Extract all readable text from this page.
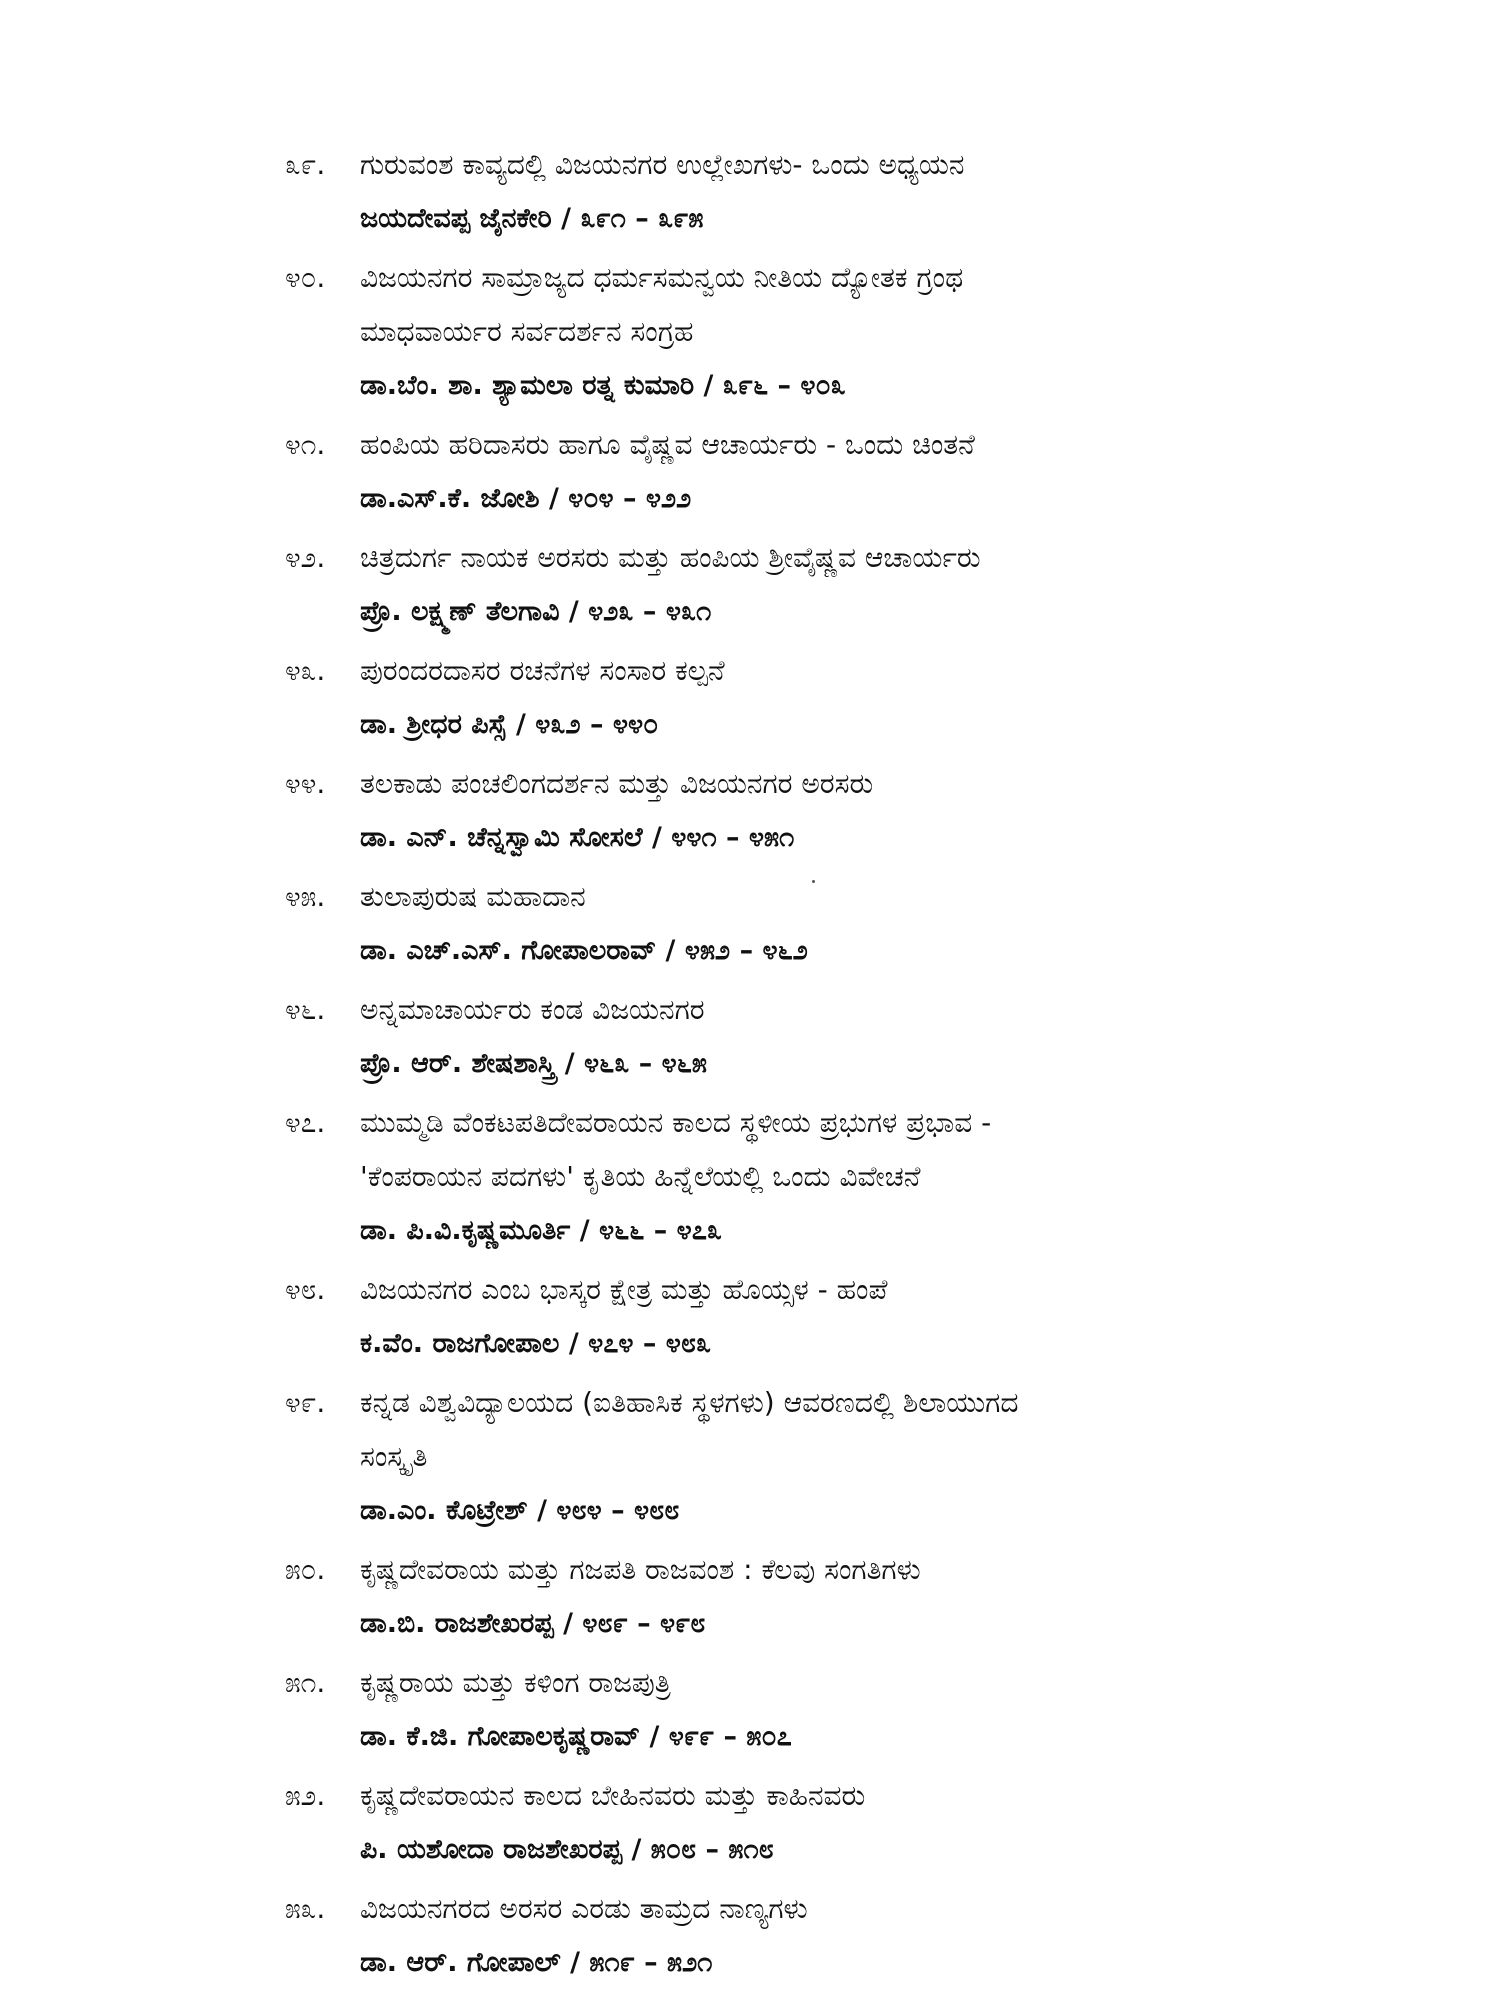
೩೯.	ಗುರುವಂಶ ಕಾವ್ಯದಲ್ಲಿ ವಿಜಯನಗರ ಉಲ್ಲೇಖಗಳು- ಒಂದು ಅಧ್ಯಯನ
ಜಯದೇವಪ್ಪ ಜೈನಕೇರಿ / ೩೯೧ – ೩೯೫
೪೦.	ವಿಜಯನಗರ ಸಾಮ್ರಾಜ್ಯದ ಧರ್ಮಸಮನ್ವಯ ನೀತಿಯ ದ್ಯೋತಕ ಗ್ರಂಥ
ಮಾಧವಾರ್ಯರ ಸರ್ವದರ್ಶನ ಸಂಗ್ರಹ
ಡಾ.ಬೆಂ. ಶಾ. ಶ್ಯಾಮಲಾ ರತ್ನ ಕುಮಾರಿ / ೩೯೬ – ೪೦೩
೪೧.	ಹಂಪಿಯ ಹರಿದಾಸರು ಹಾಗೂ ವೈಷ್ಣವ ಆಚಾರ್ಯರು - ಒಂದು ಚಿಂತನೆ
ಡಾ.ಎಸ್.ಕೆ. ಜೋಶಿ / ೪೦೪ – ೪೨೨
೪೨.	ಚಿತ್ರದುರ್ಗ ನಾಯಕ ಅರಸರು ಮತ್ತು ಹಂಪಿಯ ಶ್ರೀವೈಷ್ಣವ ಆಚಾರ್ಯರು
ಪ್ರೊ. ಲಕ್ಷ್ಮಣ್ ತೆಲಗಾವಿ / ೪೨೩ – ೪೩೧
೪೩.	ಪುರಂದರದಾಸರ ರಚನೆಗಳ ಸಂಸಾರ ಕಲ್ಪನೆ
ಡಾ. ಶ್ರೀಧರ ಪಿಸ್ಸೆ / ೪೩೨ – ೪೪೦
೪೪.	ತಲಕಾಡು ಪಂಚಲಿಂಗದರ್ಶನ ಮತ್ತು ವಿಜಯನಗರ ಅರಸರು
ಡಾ. ಎನ್. ಚೆನ್ನಸ್ವಾಮಿ ಸೋಸಲೆ / ೪೪೧ – ೪೫೧
೪೫.	ತುಲಾಪುರುಷ ಮಹಾದಾನ
ಡಾ. ಎಚ್.ಎಸ್. ಗೋಪಾಲರಾವ್ / ೪೫೨ – ೪೬೨
೪೬.	ಅನ್ನಮಾಚಾರ್ಯರು ಕಂಡ ವಿಜಯನಗರ
ಪ್ರೊ. ಆರ್. ಶೇಷಶಾಸ್ತ್ರಿ / ೪೬೩ – ೪೬೫
೪೭.	ಮುಮ್ಮಡಿ ವೆಂಕಟಪತಿದೇವರಾಯನ ಕಾಲದ ಸ್ಥಳೀಯ ಪ್ರಭುಗಳ ಪ್ರಭಾವ -
'ಕೆಂಪರಾಯನ ಪದಗಳು' ಕೃತಿಯ ಹಿನ್ನೆಲೆಯಲ್ಲಿ ಒಂದು ವಿವೇಚನೆ
ಡಾ. ಪಿ.ವಿ.ಕೃಷ್ಣಮೂರ್ತಿ / ೪೬೬ – ೪೭೩
೪೮.	ವಿಜಯನಗರ ಎಂಬ ಭಾಸ್ಕರ ಕ್ಷೇತ್ರ ಮತ್ತು ಹೊಯ್ಸಳ - ಹಂಪೆ
ಕ.ವೆಂ. ರಾಜಗೋಪಾಲ / ೪೭೪ – ೪೮೩
೪೯.	ಕನ್ನಡ ವಿಶ್ವವಿದ್ಯಾಲಯದ (ಐತಿಹಾಸಿಕ ಸ್ಥಳಗಳು) ಆವರಣದಲ್ಲಿ ಶಿಲಾಯುಗದ
ಸಂಸ್ಕೃತಿ
ಡಾ.ಎಂ. ಕೊಟ್ರೇಶ್ / ೪೮೪ – ೪೮೮
೫೦.	ಕೃಷ್ಣದೇವರಾಯ ಮತ್ತು ಗಜಪತಿ ರಾಜವಂಶ : ಕೆಲವು ಸಂಗತಿಗಳು
ಡಾ.ಬಿ. ರಾಜಶೇಖರಪ್ಪ / ೪೮೯ – ೪೯೮
೫೧.	ಕೃಷ್ಣರಾಯ ಮತ್ತು ಕಳಿಂಗ ರಾಜಪುತ್ರಿ
ಡಾ. ಕೆ.ಜಿ. ಗೋಪಾಲಕೃಷ್ಣರಾವ್ / ೪೯೯ – ೫೦೭
೫೨.	ಕೃಷ್ಣದೇವರಾಯನ ಕಾಲದ ಬೇಹಿನವರು ಮತ್ತು ಕಾಹಿನವರು
ಪಿ. ಯಶೋದಾ ರಾಜಶೇಖರಪ್ಪ / ೫೦೮ – ೫೧೮
೫೩.	ವಿಜಯನಗರದ ಅರಸರ ಎರಡು ತಾಮ್ರದ ನಾಣ್ಯಗಳು
ಡಾ. ಆರ್. ಗೋಪಾಲ್ / ೫೧೯ – ೫೨೧
